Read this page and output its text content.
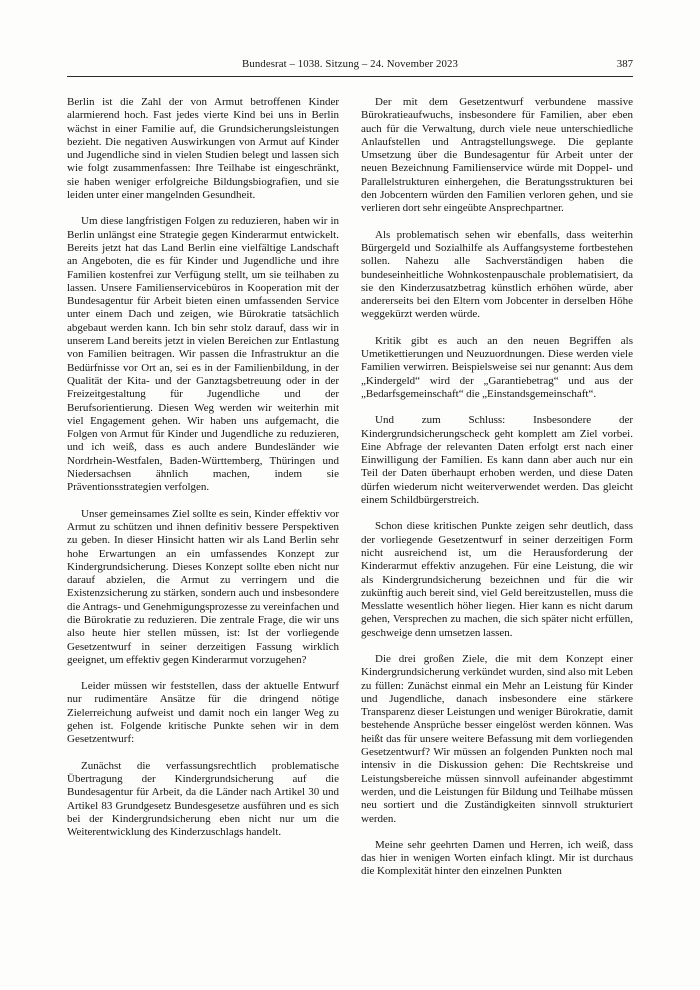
Bundesrat – 1038. Sitzung – 24. November 2023	387

Berlin ist die Zahl der von Armut betroffenen Kinder alarmierend hoch. Fast jedes vierte Kind bei uns in Berlin wächst in einer Familie auf, die Grundsicherungsleistungen bezieht. Die negativen Auswirkungen von Armut auf Kinder und Jugendliche sind in vielen Studien belegt und lassen sich wie folgt zusammenfassen: Ihre Teilhabe ist eingeschränkt, sie haben weniger erfolgreiche Bildungsbiografien, und sie leiden unter einer mangelnden Gesundheit.

Um diese langfristigen Folgen zu reduzieren, haben wir in Berlin unlängst eine Strategie gegen Kinderarmut entwickelt. Bereits jetzt hat das Land Berlin eine vielfältige Landschaft an Angeboten, die es für Kinder und Jugendliche und ihre Familien kostenfrei zur Verfügung stellt, um sie teilhaben zu lassen. Unsere Familienservicebüros in Kooperation mit der Bundesagentur für Arbeit bieten einen umfassenden Service unter einem Dach und zeigen, wie Bürokratie tatsächlich abgebaut werden kann. Ich bin sehr stolz darauf, dass wir in unserem Land bereits jetzt in vielen Bereichen zur Entlastung von Familien beitragen. Wir passen die Infrastruktur an die Bedürfnisse vor Ort an, sei es in der Familienbildung, in der Qualität der Kita- und der Ganztagsbetreuung oder in der Freizeitgestaltung für Jugendliche und der Berufsorientierung. Diesen Weg werden wir weiterhin mit viel Engagement gehen. Wir haben uns aufgemacht, die Folgen von Armut für Kinder und Jugendliche zu reduzieren, und ich weiß, dass es auch andere Bundesländer wie Nordrhein-Westfalen, Baden-Württemberg, Thüringen und Niedersachsen ähnlich machen, indem sie Präventionsstrategien verfolgen.

Unser gemeinsames Ziel sollte es sein, Kinder effektiv vor Armut zu schützen und ihnen definitiv bessere Perspektiven zu geben. In dieser Hinsicht hatten wir als Land Berlin sehr hohe Erwartungen an ein umfassendes Konzept zur Kindergrundsicherung. Dieses Konzept sollte eben nicht nur darauf abzielen, die Armut zu verringern und die Existenzsicherung zu stärken, sondern auch und insbesondere die Antrags- und Genehmigungsprozesse zu vereinfachen und die Bürokratie zu reduzieren. Die zentrale Frage, die wir uns also heute hier stellen müssen, ist: Ist der vorliegende Gesetzentwurf in seiner derzeitigen Fassung wirklich geeignet, um effektiv gegen Kinderarmut vorzugehen?

Leider müssen wir feststellen, dass der aktuelle Entwurf nur rudimentäre Ansätze für die dringend nötige Zielerreichung aufweist und damit noch ein langer Weg zu gehen ist. Folgende kritische Punkte sehen wir in dem Gesetzentwurf:

Zunächst die verfassungsrechtlich problematische Übertragung der Kindergrundsicherung auf die Bundesagentur für Arbeit, da die Länder nach Artikel 30 und Artikel 83 Grundgesetz Bundesgesetze ausführen und es sich bei der Kindergrundsicherung eben nicht nur um die Weiterentwicklung des Kinderzuschlags handelt.

Der mit dem Gesetzentwurf verbundene massive Bürokratieaufwuchs, insbesondere für Familien, aber eben auch für die Verwaltung, durch viele neue unterschiedliche Anlaufstellen und Antragstellungswege. Die geplante Umsetzung über die Bundesagentur für Arbeit unter der neuen Bezeichnung Familienservice würde mit Doppel- und Parallelstrukturen einhergehen, die Beratungsstrukturen bei den Jobcentern würden den Familien verloren gehen, und sie verlieren dort sehr eingeübte Ansprechpartner.

Als problematisch sehen wir ebenfalls, dass weiterhin Bürgergeld und Sozialhilfe als Auffangsysteme fortbestehen sollen. Nahezu alle Sachverständigen haben die bundeseinheitliche Wohnkostenpauschale problematisiert, da sie den Kinderzusatzbetrag künstlich erhöhen würde, aber andererseits bei den Eltern vom Jobcenter in derselben Höhe weggekürzt werden würde.

Kritik gibt es auch an den neuen Begriffen als Umetikettierungen und Neuzuordnungen. Diese werden viele Familien verwirren. Beispielsweise sei nur genannt: Aus dem „Kindergeld“ wird der „Garantiebetrag“ und aus der „Bedarfsgemeinschaft“ die „Einstandsgemeinschaft“.

Und zum Schluss: Insbesondere der Kindergrundsicherungscheck geht komplett am Ziel vorbei. Eine Abfrage der relevanten Daten erfolgt erst nach einer Einwilligung der Familien. Es kann dann aber auch nur ein Teil der Daten überhaupt erhoben werden, und diese Daten dürfen wiederum nicht weiterverwendet werden. Das gleicht einem Schildbürgerstreich.

Schon diese kritischen Punkte zeigen sehr deutlich, dass der vorliegende Gesetzentwurf in seiner derzeitigen Form nicht ausreichend ist, um die Herausforderung der Kinderarmut effektiv anzugehen. Für eine Leistung, die wir als Kindergrundsicherung bezeichnen und für die wir zukünftig auch bereit sind, viel Geld bereitzustellen, muss die Messlatte wesentlich höher liegen. Hier kann es nicht darum gehen, Versprechen zu machen, die sich später nicht erfüllen, geschweige denn umsetzen lassen.

Die drei großen Ziele, die mit dem Konzept einer Kindergrundsicherung verkündet wurden, sind also mit Leben zu füllen: Zunächst einmal ein Mehr an Leistung für Kinder und Jugendliche, danach insbesondere eine stärkere Transparenz dieser Leistungen und weniger Bürokratie, damit bestehende Ansprüche besser eingelöst werden können. Was heißt das für unsere weitere Befassung mit dem vorliegenden Gesetzentwurf? Wir müssen an folgenden Punkten noch mal intensiv in die Diskussion gehen: Die Rechtskreise und Leistungsbereiche müssen sinnvoll aufeinander abgestimmt werden, und die Leistungen für Bildung und Teilhabe müssen neu sortiert und die Zuständigkeiten sinnvoll strukturiert werden.

Meine sehr geehrten Damen und Herren, ich weiß, dass das hier in wenigen Worten einfach klingt. Mir ist durchaus die Komplexität hinter den einzelnen Punkten
